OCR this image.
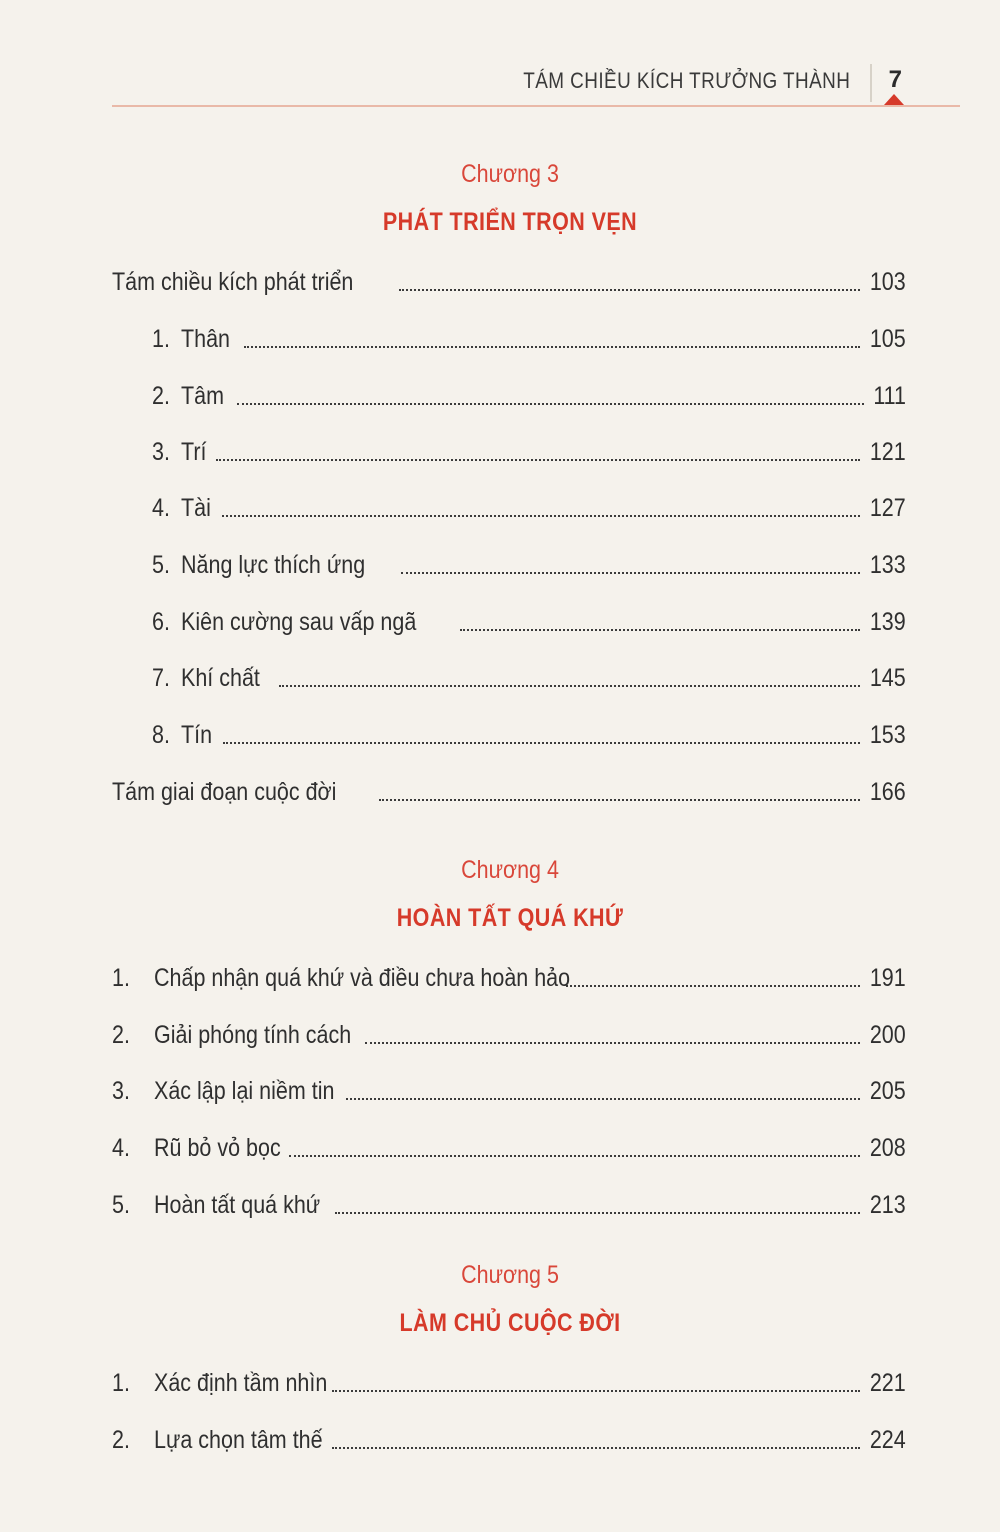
TÁM CHIỀU KÍCH TRƯỞNG THÀNH 7
Chương 3
PHÁT TRIỂN TRỌN VẸN
Tám chiều kích phát triển	103
1. Thân	105
2. Tâm	111
3. Trí	121
4. Tài	127
5. Năng lực thích ứng	133
6. Kiên cường sau vấp ngã	139
7. Khí chất	145
8. Tín	153
Tám giai đoạn cuộc đời	166
Chương 4
HOÀN TẤT QUÁ KHỨ
1. Chấp nhận quá khứ và điều chưa hoàn hảo	191
2. Giải phóng tính cách	200
3. Xác lập lại niềm tin	205
4. Rũ bỏ vỏ bọc	208
5. Hoàn tất quá khứ	213
Chương 5
LÀM CHỦ CUỘC ĐỜI
1. Xác định tầm nhìn	221
2. Lựa chọn tâm thế	224
